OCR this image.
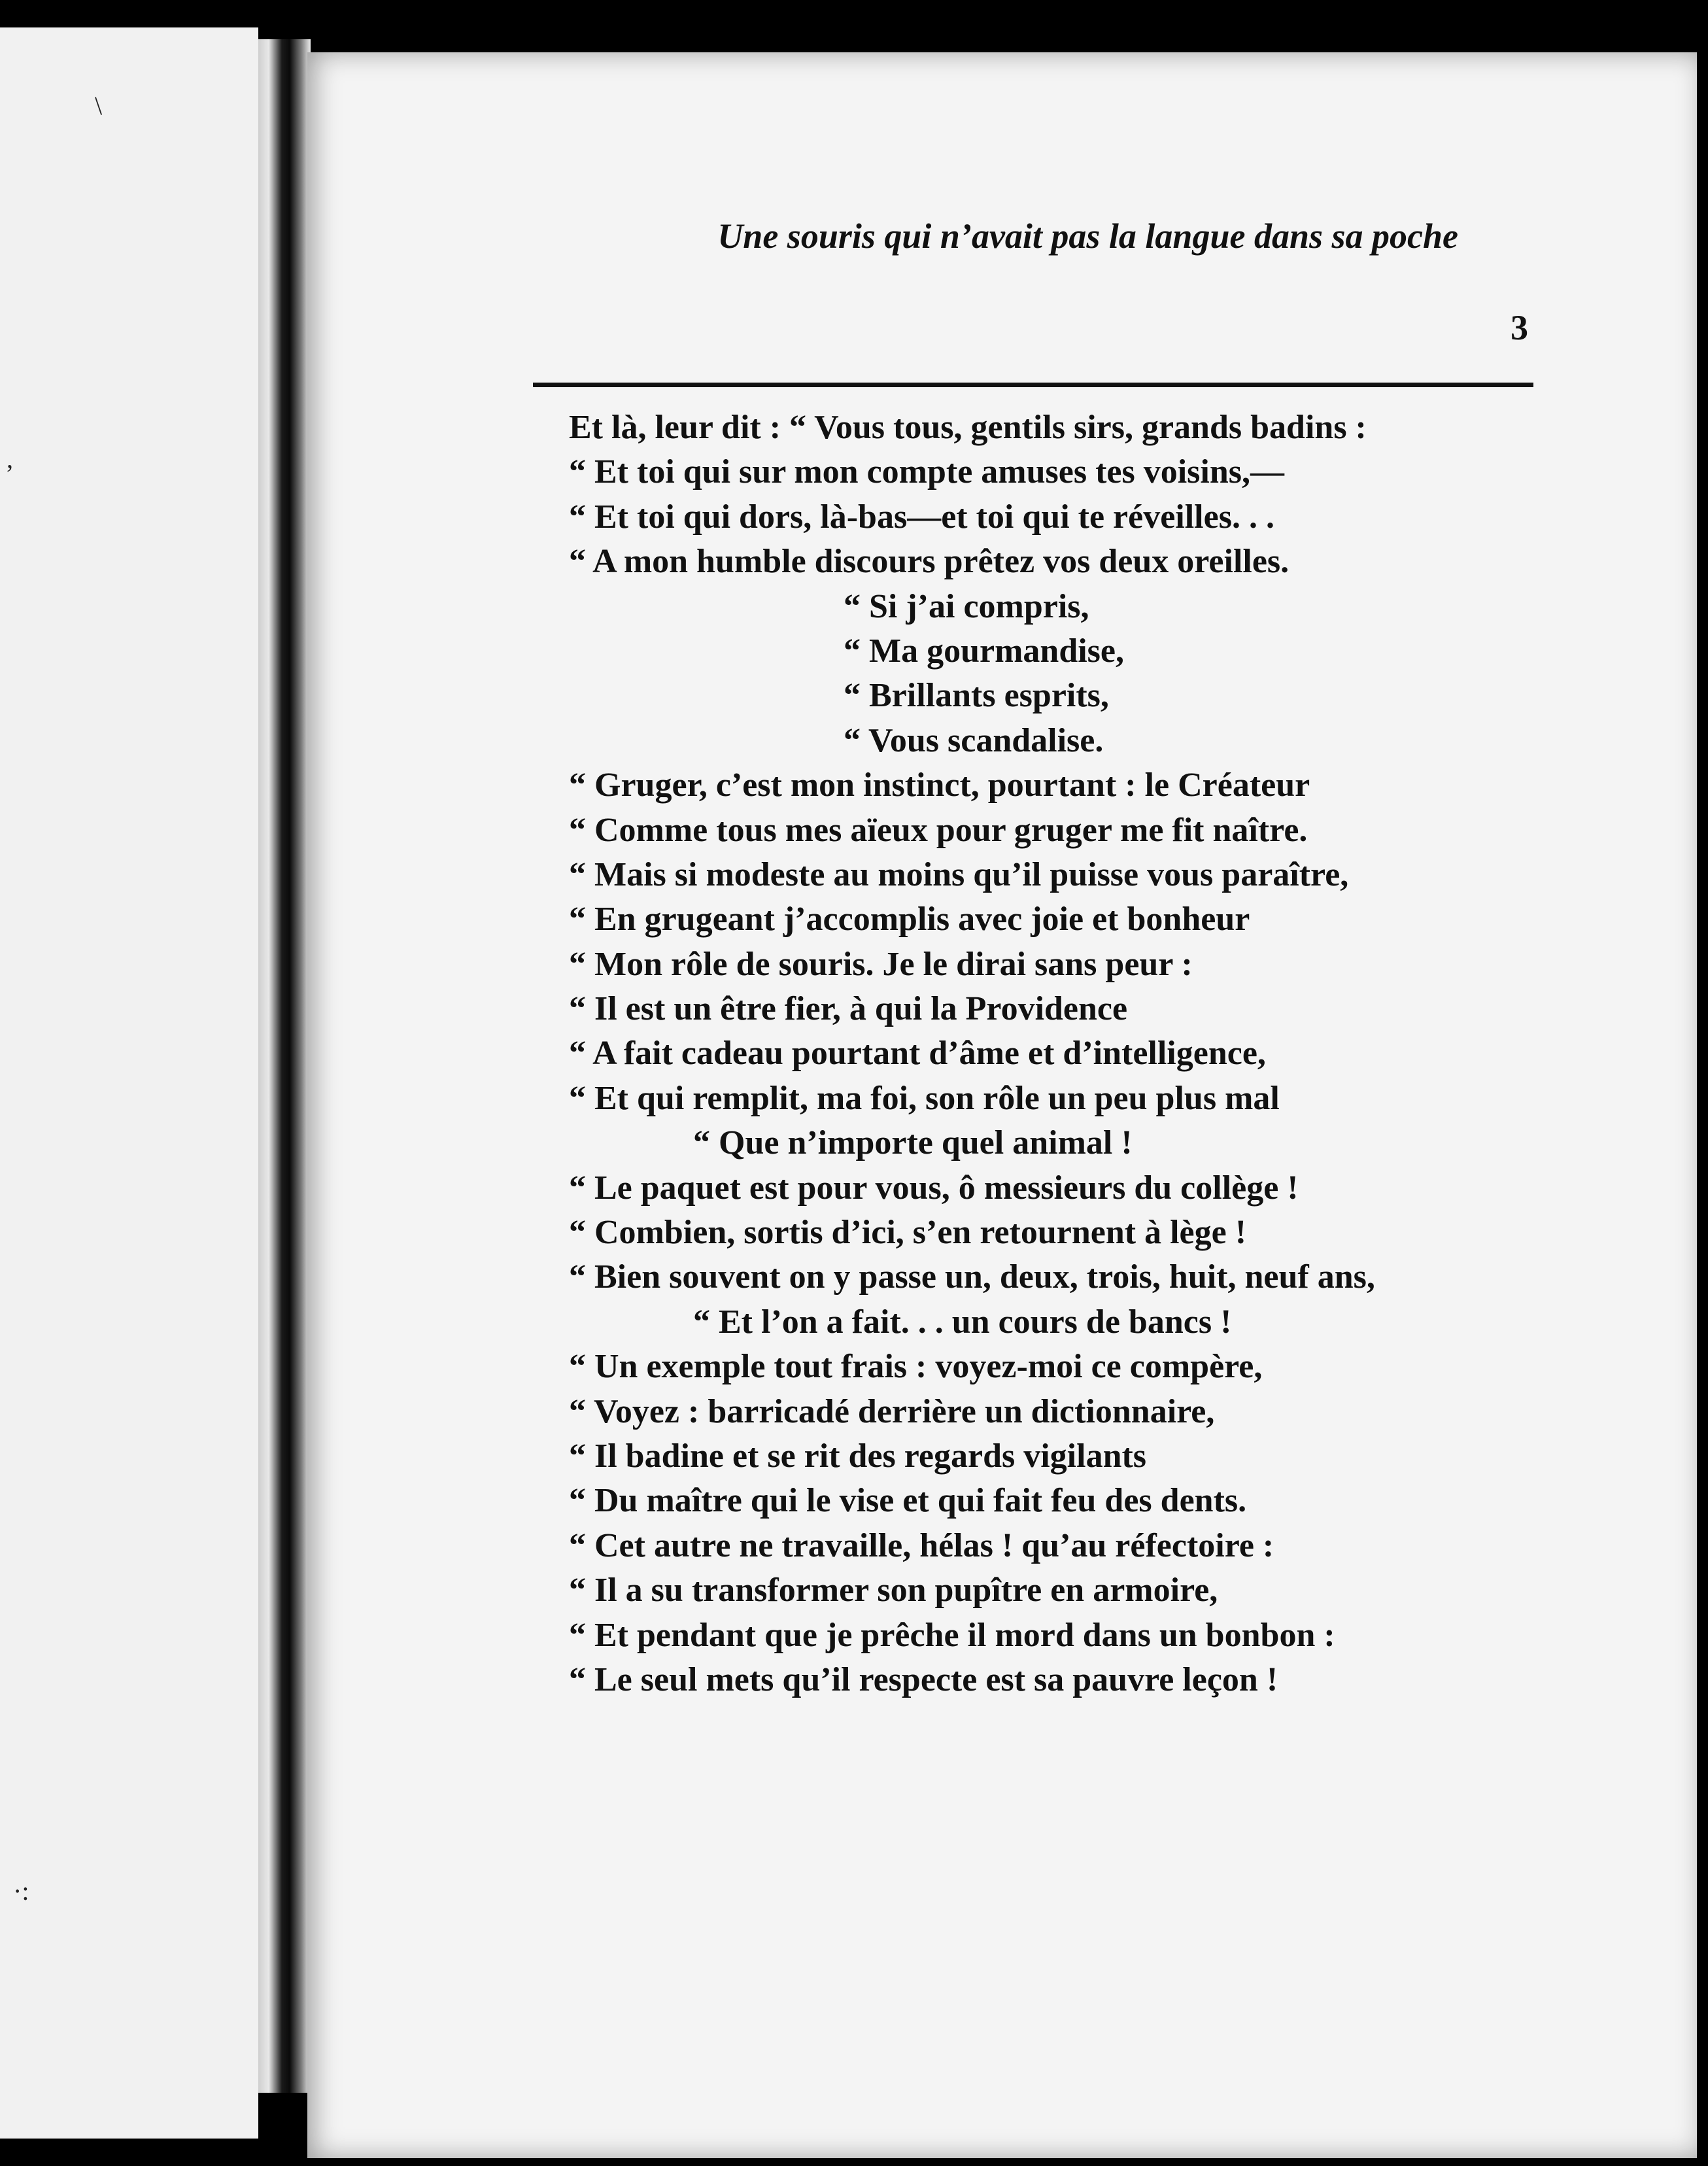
\
,
·:
Une souris qui n’avait pas la langue dans sa poche
3
Et là, leur dit : “ Vous tous, gentils sirs, grands badins :
“ Et toi qui sur mon compte amuses tes voisins,—
“ Et toi qui dors, là-bas—et toi qui te réveilles. . .
“ A mon humble discours prêtez vos deux oreilles.
“ Si j’ai compris,
“ Ma gourmandise,
“ Brillants esprits,
“ Vous scandalise.
“ Gruger, c’est mon instinct, pourtant : le Créateur
“ Comme tous mes aïeux pour gruger me fit naître.
“ Mais si modeste au moins qu’il puisse vous paraître,
“ En grugeant j’accomplis avec joie et bonheur
“ Mon rôle de souris. Je le dirai sans peur :
“ Il est un être fier, à qui la Providence
“ A fait cadeau pourtant d’âme et d’intelligence,
“ Et qui remplit, ma foi, son rôle un peu plus mal
“ Que n’importe quel animal !
“ Le paquet est pour vous, ô messieurs du collège !
“ Combien, sortis d’ici, s’en retournent à lège !
“ Bien souvent on y passe un, deux, trois, huit, neuf ans,
“ Et l’on a fait. . . un cours de bancs !
“ Un exemple tout frais : voyez-moi ce compère,
“ Voyez : barricadé derrière un dictionnaire,
“ Il badine et se rit des regards vigilants
“ Du maître qui le vise et qui fait feu des dents.
“ Cet autre ne travaille, hélas ! qu’au réfectoire :
“ Il a su transformer son pupître en armoire,
“ Et pendant que je prêche il mord dans un bonbon :
“ Le seul mets qu’il respecte est sa pauvre leçon !
